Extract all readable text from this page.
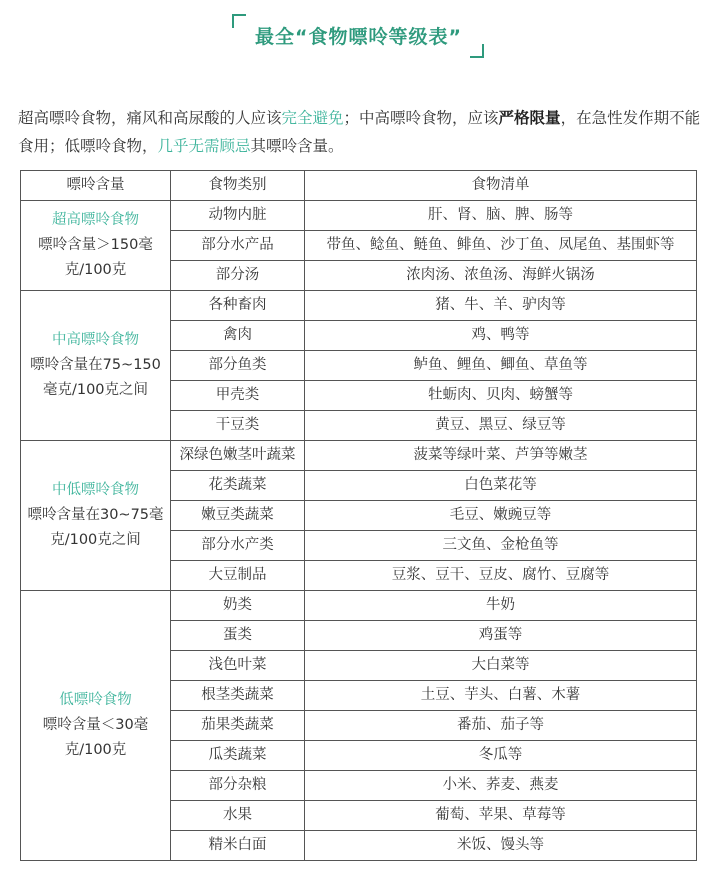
最全“食物嘌呤等级表”

超高嘌呤食物，痛风和高尿酸的人应该完全避免；中高嘌呤食物，应该严格限量，在急性发作期不能食用；低嘌呤食物，几乎无需顾忌其嘌呤含量。

嘌呤含量	食物类别	食物清单

超高嘌呤食物
嘌呤含量＞150毫克/100克	动物内脏	肝、肾、脑、脾、肠等
	部分水产品	带鱼、鲶鱼、鲢鱼、鲱鱼、沙丁鱼、凤尾鱼、基围虾等
	部分汤	浓肉汤、浓鱼汤、海鲜火锅汤

中高嘌呤食物
嘌呤含量在75~150毫克/100克之间	各种畜肉	猪、牛、羊、驴肉等
	禽肉	鸡、鸭等
	部分鱼类	鲈鱼、鲤鱼、鲫鱼、草鱼等
	甲壳类	牡蛎肉、贝肉、螃蟹等
	干豆类	黄豆、黑豆、绿豆等

中低嘌呤食物
嘌呤含量在30~75毫克/100克之间	深绿色嫩茎叶蔬菜	菠菜等绿叶菜、芦笋等嫩茎
	花类蔬菜	白色菜花等
	嫩豆类蔬菜	毛豆、嫩豌豆等
	部分水产类	三文鱼、金枪鱼等
	大豆制品	豆浆、豆干、豆皮、腐竹、豆腐等

低嘌呤食物
嘌呤含量＜30毫克/100克	奶类	牛奶
	蛋类	鸡蛋等
	浅色叶菜	大白菜等
	根茎类蔬菜	土豆、芋头、白薯、木薯
	茄果类蔬菜	番茄、茄子等
	瓜类蔬菜	冬瓜等
	部分杂粮	小米、荞麦、燕麦
	水果	葡萄、苹果、草莓等
	精米白面	米饭、馒头等
